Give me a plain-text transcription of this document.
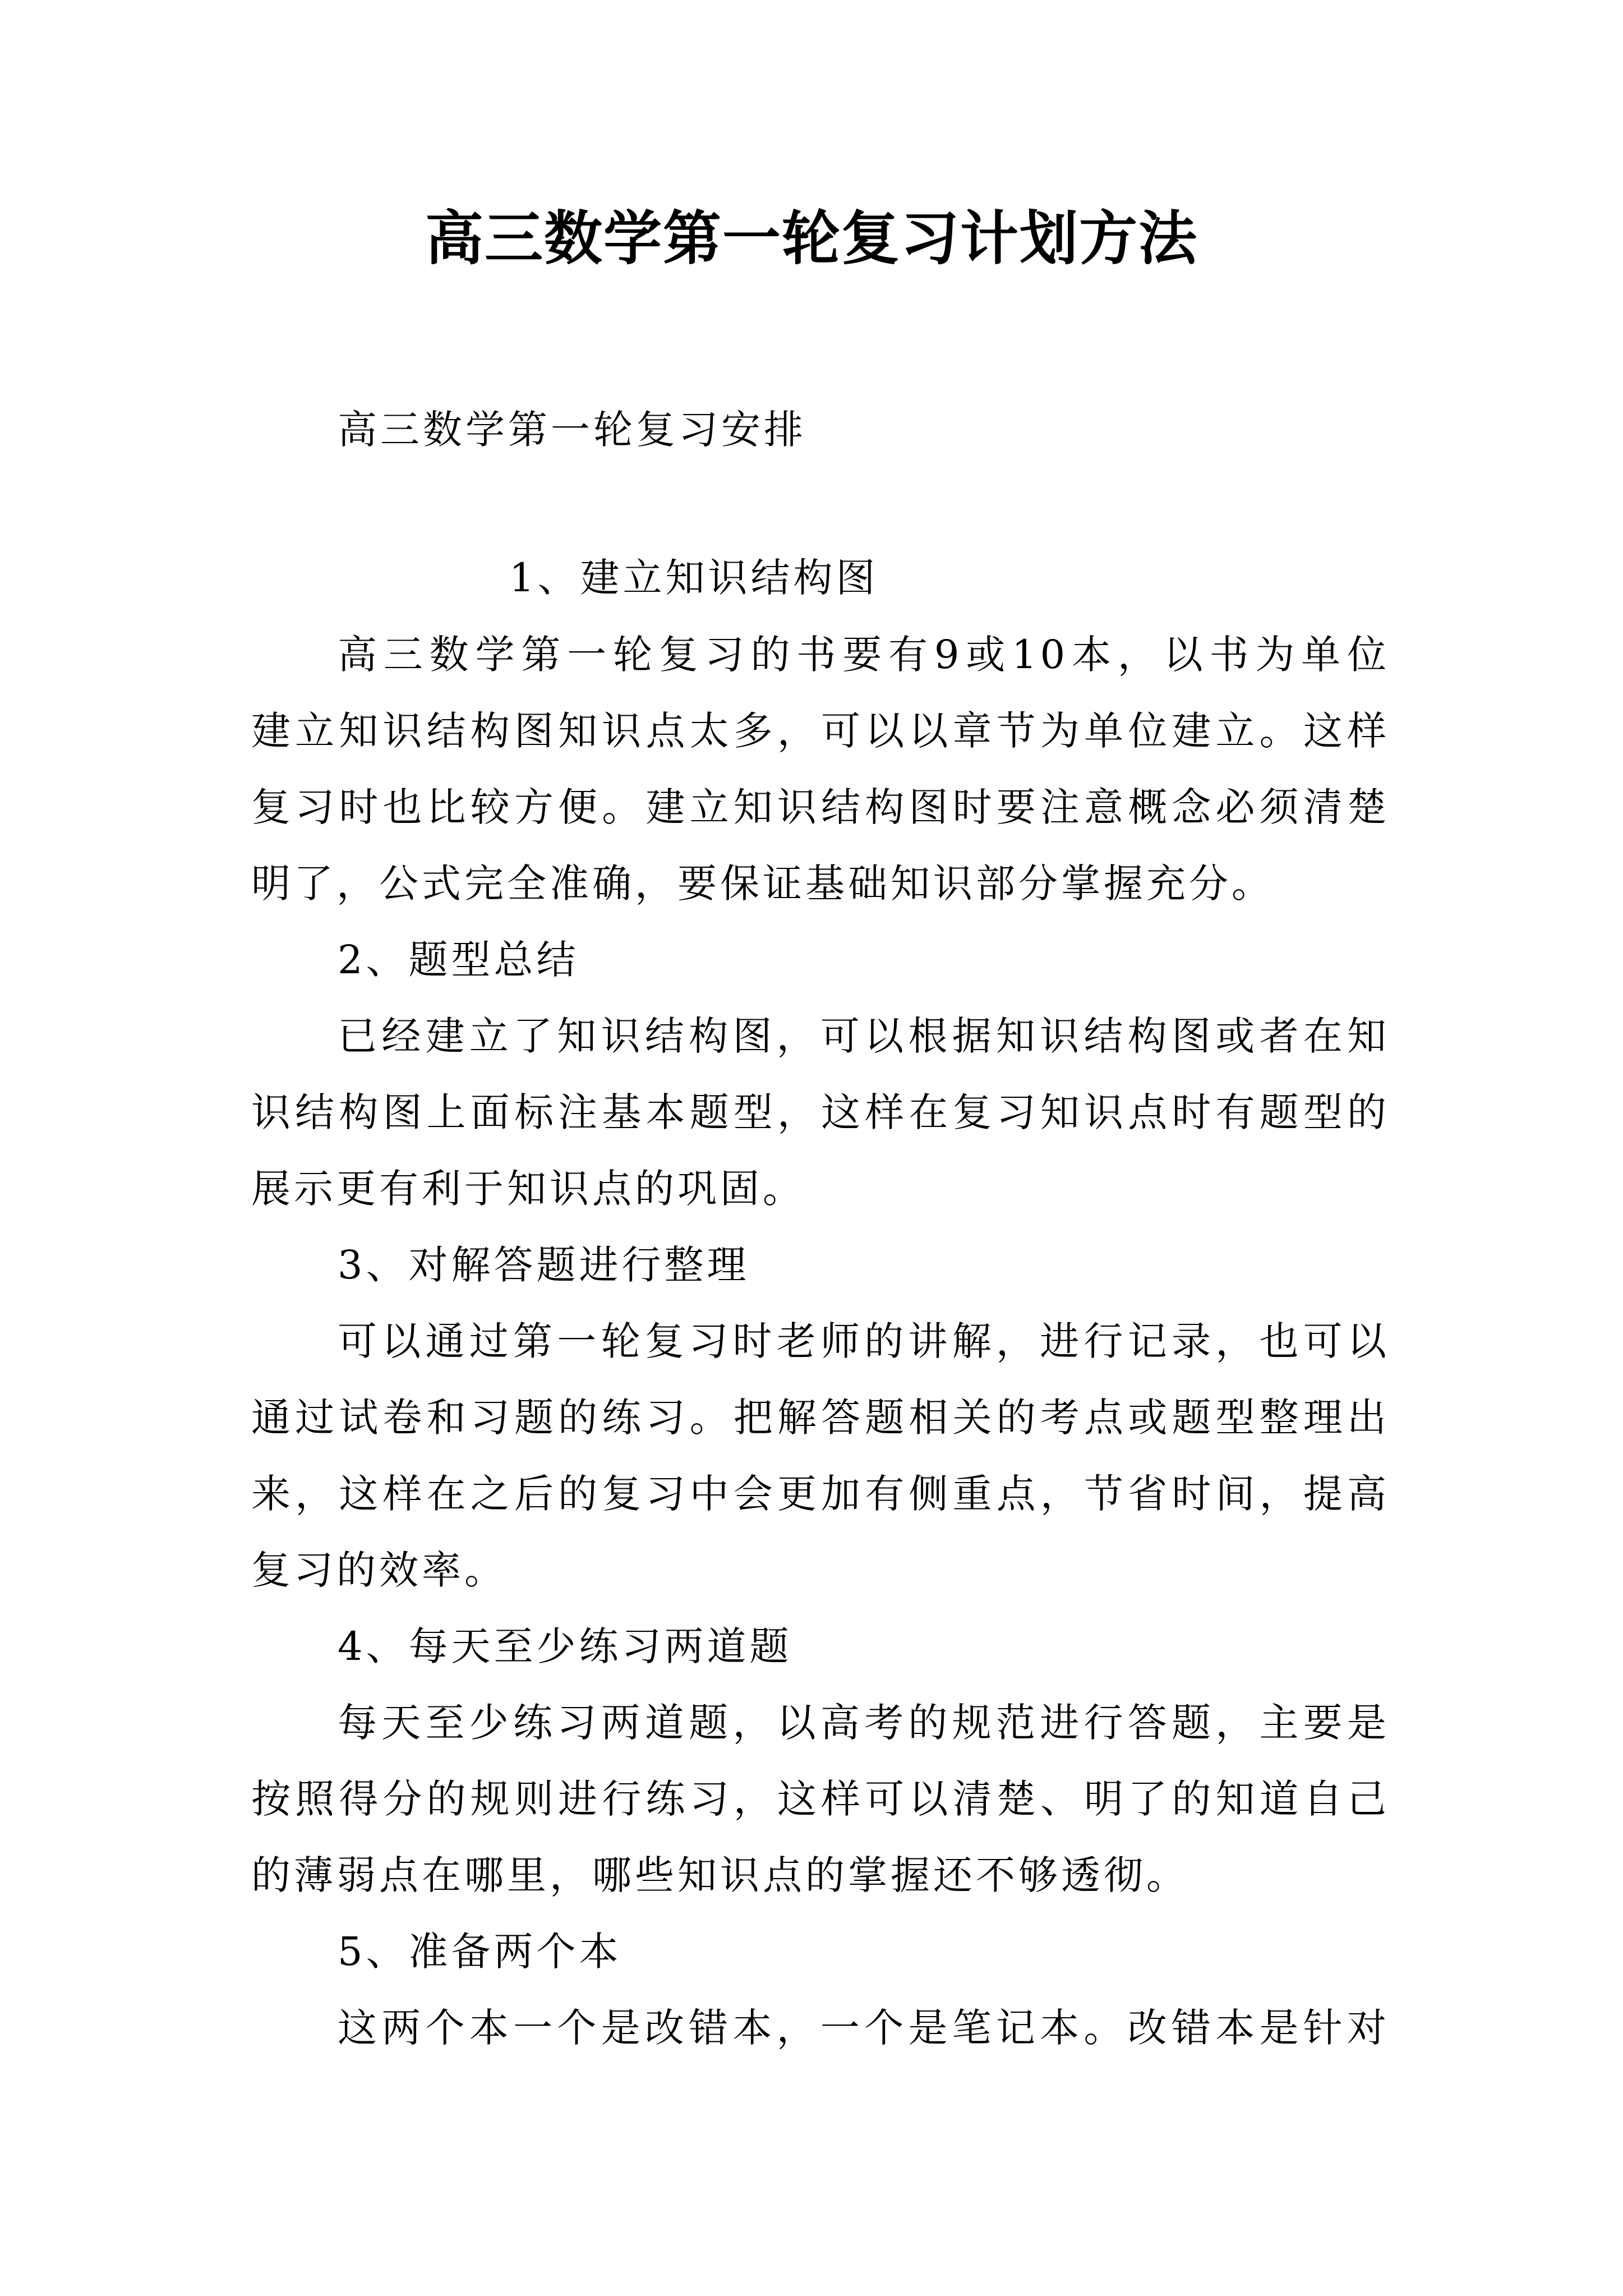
高三数学第一轮复习计划方法
高三数学第一轮复习安排
1、建立知识结构图
高三数学第一轮复习的书要有9或10本，以书为单位
建立知识结构图知识点太多，可以以章节为单位建立。这样
复习时也比较方便。建立知识结构图时要注意概念必须清楚
明了，公式完全准确，要保证基础知识部分掌握充分。
2、题型总结
已经建立了知识结构图，可以根据知识结构图或者在知
识结构图上面标注基本题型，这样在复习知识点时有题型的
展示更有利于知识点的巩固。
3、对解答题进行整理
可以通过第一轮复习时老师的讲解，进行记录，也可以
通过试卷和习题的练习。把解答题相关的考点或题型整理出
来，这样在之后的复习中会更加有侧重点，节省时间，提高
复习的效率。
4、每天至少练习两道题
每天至少练习两道题，以高考的规范进行答题，主要是
按照得分的规则进行练习，这样可以清楚、明了的知道自己
的薄弱点在哪里，哪些知识点的掌握还不够透彻。
5、准备两个本
这两个本一个是改错本，一个是笔记本。改错本是针对
